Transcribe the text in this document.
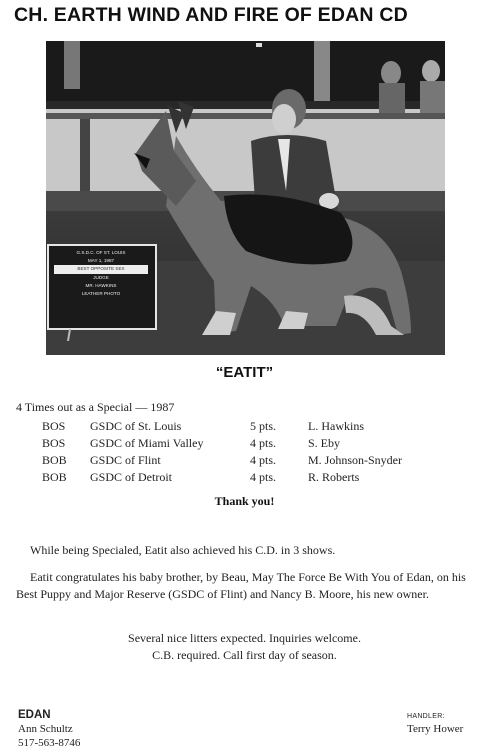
CH. EARTH WIND AND FIRE OF EDAN CD
G.S.D.C. OF ST. LOUIS
MAY 1, 1987
BEST OPPOSITE SEX
JUDGE
MR. HAWKINS
LEATHER PHOTO
“EATIT”
4 Times out as a Special — 1987
BOS	GSDC of St. Louis	5 pts.	L. Hawkins
BOS	GSDC of Miami Valley	4 pts.	S. Eby
BOB	GSDC of Flint	4 pts.	M. Johnson-Snyder
BOB	GSDC of Detroit	4 pts.	R. Roberts
Thank you!
While being Specialed, Eatit also achieved his C.D. in 3 shows.
Eatit congratulates his baby brother, by Beau, May The Force Be With You of Edan, on his Best Puppy and Major Reserve (GSDC of Flint) and Nancy B. Moore, his new owner.
Several nice litters expected. Inquiries welcome.
C.B. required. Call first day of season.
EDAN
Ann Schultz
517-563-8746
HANDLER:
Terry Hower
